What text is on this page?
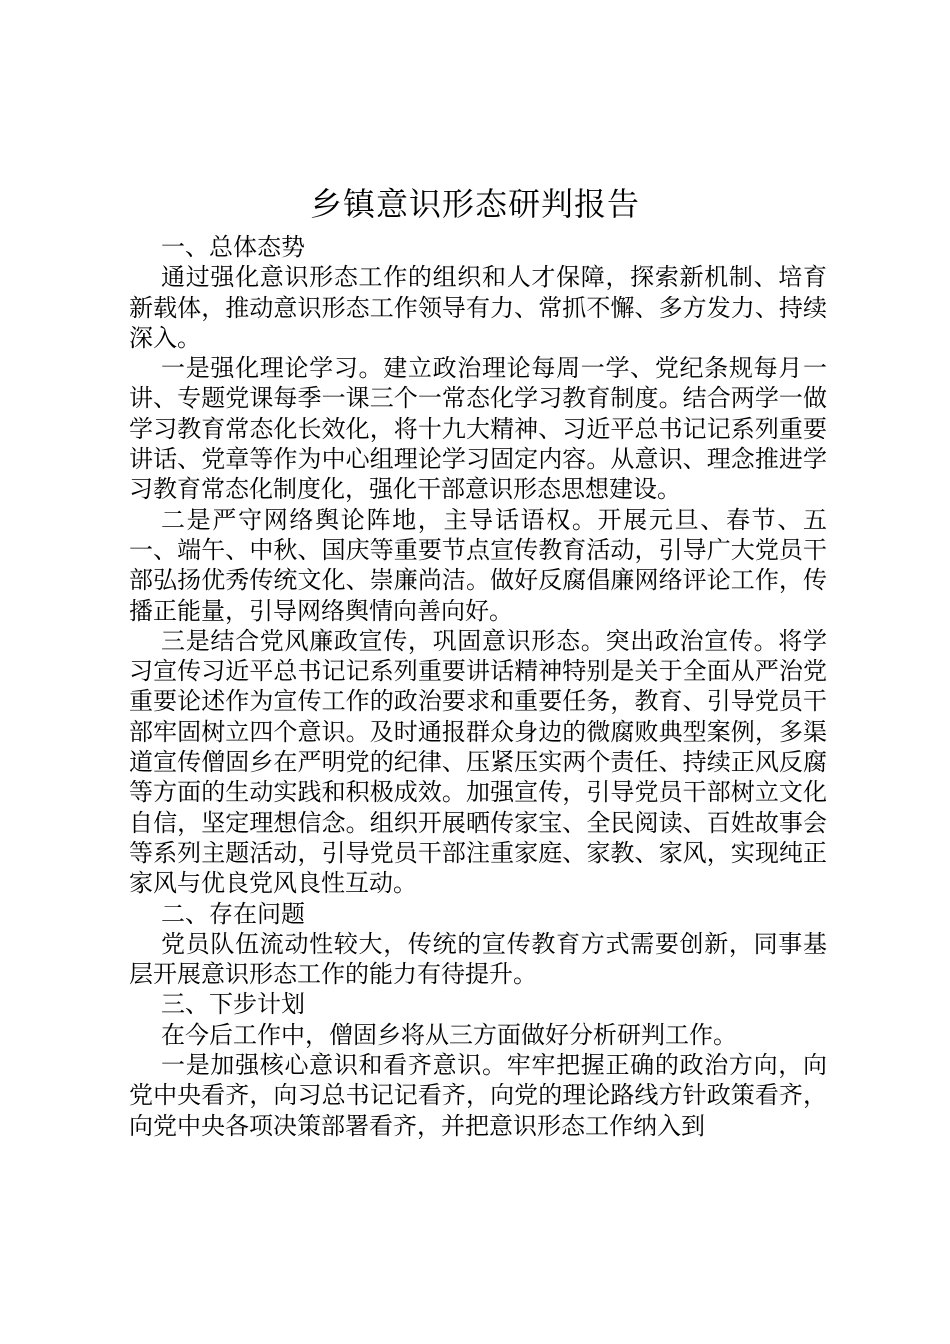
乡镇意识形态研判报告

一、总体态势

通过强化意识形态工作的组织和人才保障，探索新机制、培育新载体，推动意识形态工作领导有力、常抓不懈、多方发力、持续深入。

一是强化理论学习。建立政治理论每周一学、党纪条规每月一讲、专题党课每季一课三个一常态化学习教育制度。结合两学一做学习教育常态化长效化，将十九大精神、习近平总书记记系列重要讲话、党章等作为中心组理论学习固定内容。从意识、理念推进学习教育常态化制度化，强化干部意识形态思想建设。

二是严守网络舆论阵地，主导话语权。开展元旦、春节、五一、端午、中秋、国庆等重要节点宣传教育活动，引导广大党员干部弘扬优秀传统文化、崇廉尚洁。做好反腐倡廉网络评论工作，传播正能量，引导网络舆情向善向好。

三是结合党风廉政宣传，巩固意识形态。突出政治宣传。将学习宣传习近平总书记记系列重要讲话精神特别是关于全面从严治党重要论述作为宣传工作的政治要求和重要任务，教育、引导党员干部牢固树立四个意识。及时通报群众身边的微腐败典型案例，多渠道宣传僧固乡在严明党的纪律、压紧压实两个责任、持续正风反腐等方面的生动实践和积极成效。加强宣传，引导党员干部树立文化自信，坚定理想信念。组织开展晒传家宝、全民阅读、百姓故事会等系列主题活动，引导党员干部注重家庭、家教、家风，实现纯正家风与优良党风良性互动。

二、存在问题

党员队伍流动性较大，传统的宣传教育方式需要创新，同事基层开展意识形态工作的能力有待提升。

三、下步计划

在今后工作中，僧固乡将从三方面做好分析研判工作。

一是加强核心意识和看齐意识。牢牢把握正确的政治方向，向党中央看齐，向习总书记记看齐，向党的理论路线方针政策看齐，向党中央各项决策部署看齐，并把意识形态工作纳入到
